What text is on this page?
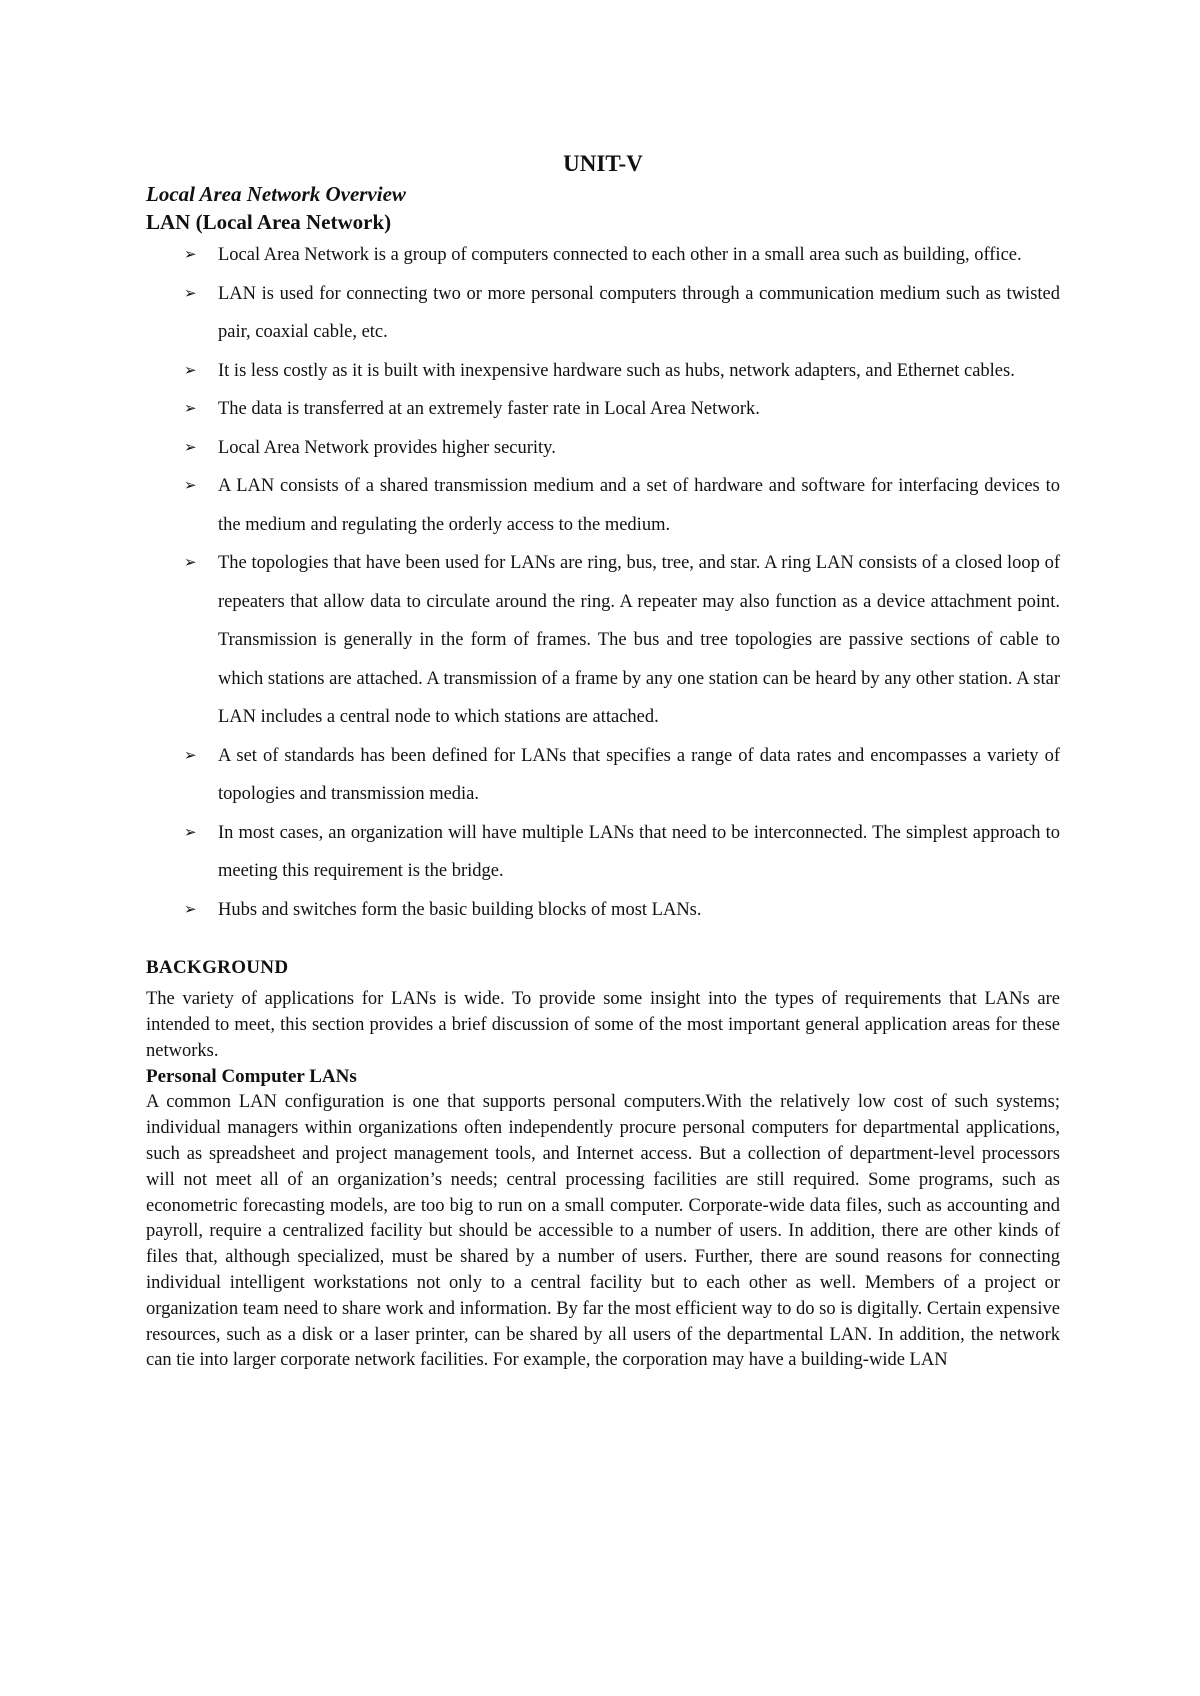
UNIT-V

Local Area Network Overview

LAN (Local Area Network)

➢ Local Area Network is a group of computers connected to each other in a small area such as building, office.
➢ LAN is used for connecting two or more personal computers through a communication medium such as twisted pair, coaxial cable, etc.
➢ It is less costly as it is built with inexpensive hardware such as hubs, network adapters, and Ethernet cables.
➢ The data is transferred at an extremely faster rate in Local Area Network.
➢ Local Area Network provides higher security.
➢ A LAN consists of a shared transmission medium and a set of hardware and software for interfacing devices to the medium and regulating the orderly access to the medium.
➢ The topologies that have been used for LANs are ring, bus, tree, and star. A ring LAN consists of a closed loop of repeaters that allow data to circulate around the ring. A repeater may also function as a device attachment point. Transmission is generally in the form of frames. The bus and tree topologies are passive sections of cable to which stations are attached. A transmission of a frame by any one station can be heard by any other station. A star LAN includes a central node to which stations are attached.
➢ A set of standards has been defined for LANs that specifies a range of data rates and encompasses a variety of topologies and transmission media.
➢ In most cases, an organization will have multiple LANs that need to be interconnected. The simplest approach to meeting this requirement is the bridge.
➢ Hubs and switches form the basic building blocks of most LANs.

BACKGROUND

The variety of applications for LANs is wide. To provide some insight into the types of requirements that LANs are intended to meet, this section provides a brief discussion of some of the most important general application areas for these networks.

Personal Computer LANs

A common LAN configuration is one that supports personal computers.With the relatively low cost of such systems; individual managers within organizations often independently procure personal computers for departmental applications, such as spreadsheet and project management tools, and Internet access. But a collection of department-level processors will not meet all of an organization’s needs; central processing facilities are still required. Some programs, such as econometric forecasting models, are too big to run on a small computer. Corporate-wide data files, such as accounting and payroll, require a centralized facility but should be accessible to a number of users. In addition, there are other kinds of files that, although specialized, must be shared by a number of users. Further, there are sound reasons for connecting individual intelligent workstations not only to a central facility but to each other as well. Members of a project or organization team need to share work and information. By far the most efficient way to do so is digitally. Certain expensive resources, such as a disk or a laser printer, can be shared by all users of the departmental LAN. In addition, the network can tie into larger corporate network facilities. For example, the corporation may have a building-wide LAN
